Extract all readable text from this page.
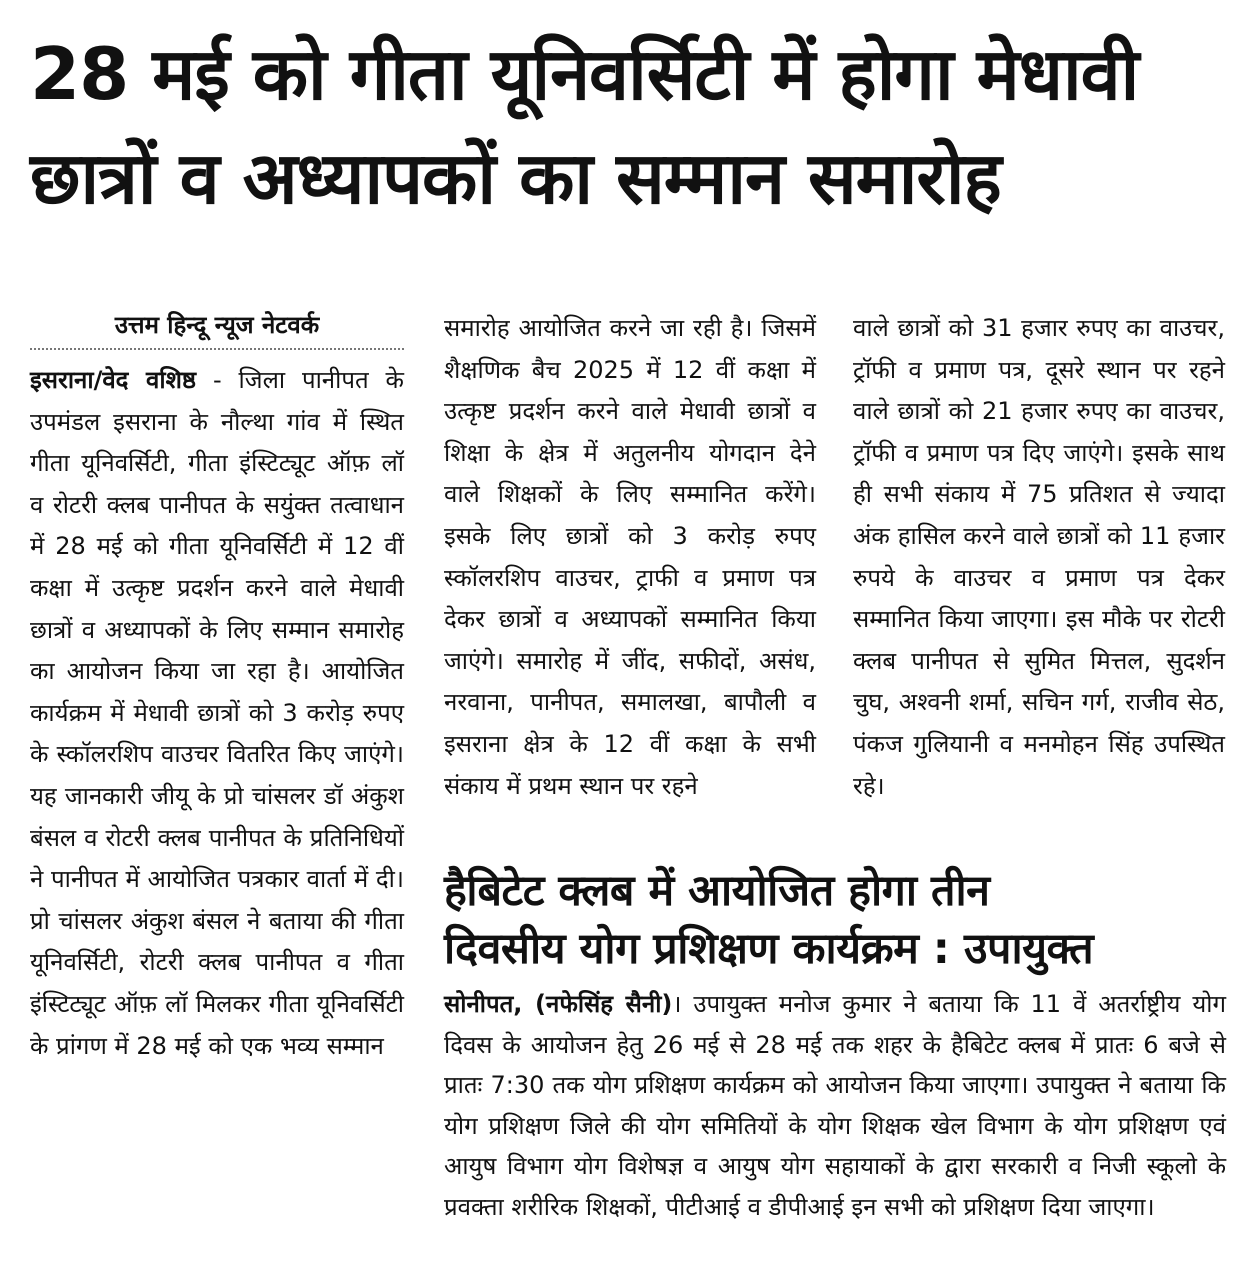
28 मई को गीता यूनिवर्सिटी में होगा मेधावी
छात्रों व अध्यापकों का सम्मान समारोह

उत्तम हिन्दू न्यूज नेटवर्क

इसराना/वेद वशिष्ठ - जिला पानीपत के उपमंडल इसराना के नौल्था गांव में स्थित गीता यूनिवर्सिटी, गीता इंस्टिट्यूट ऑफ़ लॉ व रोटरी क्लब पानीपत के सयुंक्त तत्वाधान में 28 मई को गीता यूनिवर्सिटी में 12 वीं कक्षा में उत्कृष्ट प्रदर्शन करने वाले मेधावी छात्रों व अध्यापकों के लिए सम्मान समारोह का आयोजन किया जा रहा है। आयोजित कार्यक्रम में मेधावी छात्रों को 3 करोड़ रुपए के स्कॉलरशिप वाउचर वितरित किए जाएंगे। यह जानकारी जीयू के प्रो चांसलर डॉ अंकुश बंसल व रोटरी क्लब पानीपत के प्रतिनिधियों ने पानीपत में आयोजित पत्रकार वार्ता में दी। प्रो चांसलर अंकुश बंसल ने बताया की गीता यूनिवर्सिटी, रोटरी क्लब पानीपत व गीता इंस्टिट्यूट ऑफ़ लॉ मिलकर गीता यूनिवर्सिटी के प्रांगण में 28 मई को एक भव्य सम्मान

समारोह आयोजित करने जा रही है। जिसमें शैक्षणिक बैच 2025 में 12 वीं कक्षा में उत्कृष्ट प्रदर्शन करने वाले मेधावी छात्रों व शिक्षा के क्षेत्र में अतुलनीय योगदान देने वाले शिक्षकों के लिए सम्मानित करेंगे। इसके लिए छात्रों को 3 करोड़ रुपए स्कॉलरशिप वाउचर, ट्राफी व प्रमाण पत्र देकर छात्रों व अध्यापकों सम्मानित किया जाएंगे। समारोह में जींद, सफीदों, असंध, नरवाना, पानीपत, समालखा, बापौली व इसराना क्षेत्र के 12 वीं कक्षा के सभी संकाय में प्रथम स्थान पर रहने

वाले छात्रों को 31 हजार रुपए का वाउचर, ट्रॉफी व प्रमाण पत्र, दूसरे स्थान पर रहने वाले छात्रों को 21 हजार रुपए का वाउचर, ट्रॉफी व प्रमाण पत्र दिए जाएंगे। इसके साथ ही सभी संकाय में 75 प्रतिशत से ज्यादा अंक हासिल करने वाले छात्रों को 11 हजार रुपये के वाउचर व प्रमाण पत्र देकर सम्मानित किया जाएगा। इस मौके पर रोटरी क्लब पानीपत से सुमित मित्तल, सुदर्शन चुघ, अश्वनी शर्मा, सचिन गर्ग, राजीव सेठ, पंकज गुलियानी व मनमोहन सिंह उपस्थित रहे।

हैबिटेट क्लब में आयोजित होगा तीन
दिवसीय योग प्रशिक्षण कार्यक्रम : उपायुक्त

सोनीपत, (नफेसिंह सैनी)। उपायुक्त मनोज कुमार ने बताया कि 11 वें अतर्राष्ट्रीय योग दिवस के आयोजन हेतु 26 मई से 28 मई तक शहर के हैबिटेट क्लब में प्रातः 6 बजे से प्रातः 7:30 तक योग प्रशिक्षण कार्यक्रम को आयोजन किया जाएगा। उपायुक्त ने बताया कि योग प्रशिक्षण जिले की योग समितियों के योग शिक्षक खेल विभाग के योग प्रशिक्षण एवं आयुष विभाग योग विशेषज्ञ व आयुष योग सहायाकों के द्वारा सरकारी व निजी स्कूलो के प्रवक्ता शरीरिक शिक्षकों, पीटीआई व डीपीआई इन सभी को प्रशिक्षण दिया जाएगा।
